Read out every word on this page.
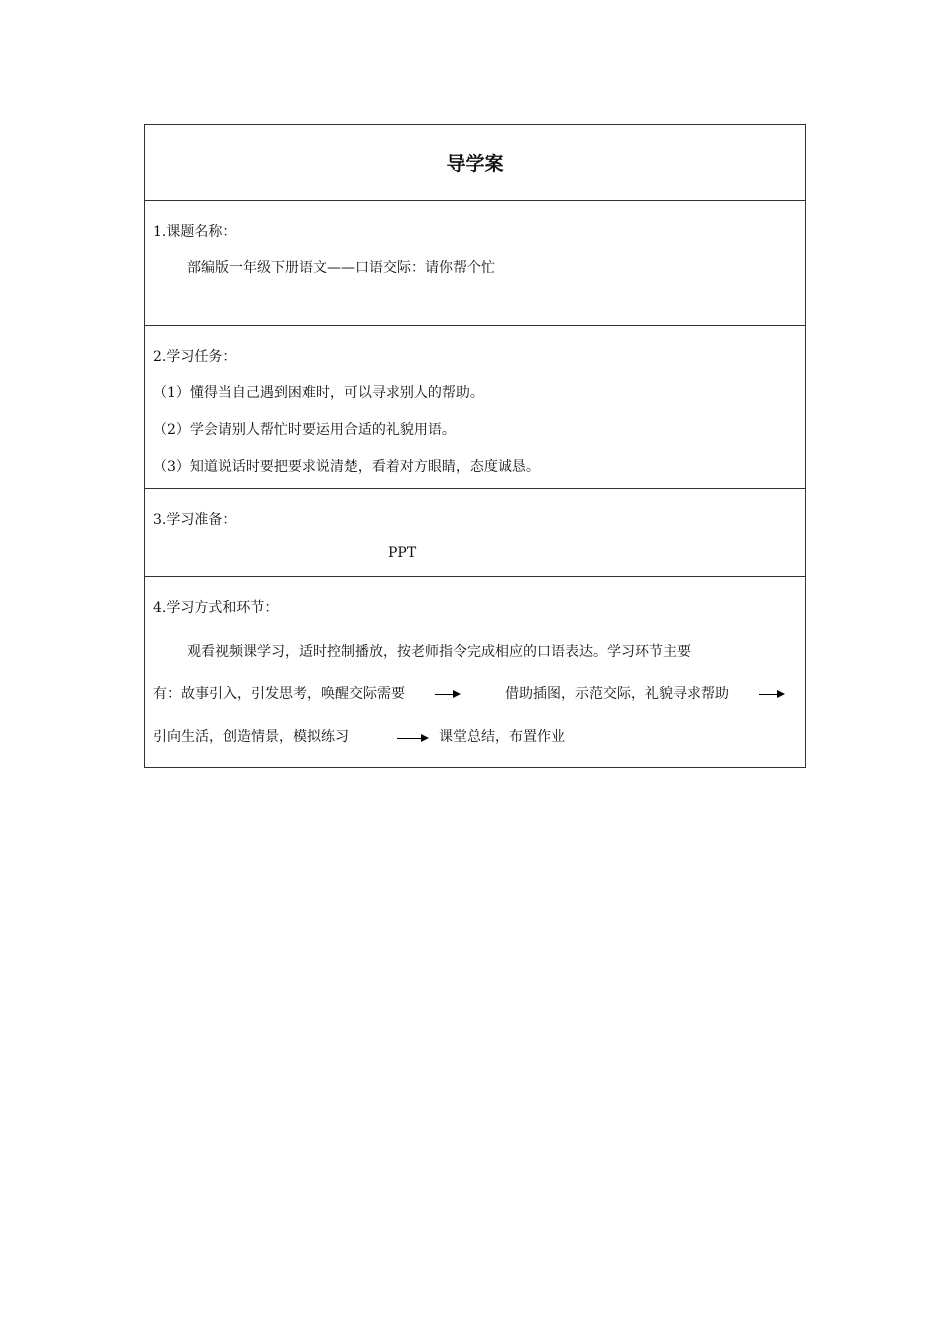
导学案
1.课题名称：
部编版一年级下册语文——口语交际：请你帮个忙
2.学习任务：
（1）懂得当自己遇到困难时，可以寻求别人的帮助。
（2）学会请别人帮忙时要运用合适的礼貌用语。
（3）知道说话时要把要求说清楚，看着对方眼睛，态度诚恳。
3.学习准备：
PPT
4.学习方式和环节：
观看视频课学习，适时控制播放，按老师指令完成相应的口语表达。学习环节主要
有：故事引入，引发思考，唤醒交际需要	借助插图，示范交际，礼貌寻求帮助
引向生活，创造情景，模拟练习	课堂总结，布置作业
